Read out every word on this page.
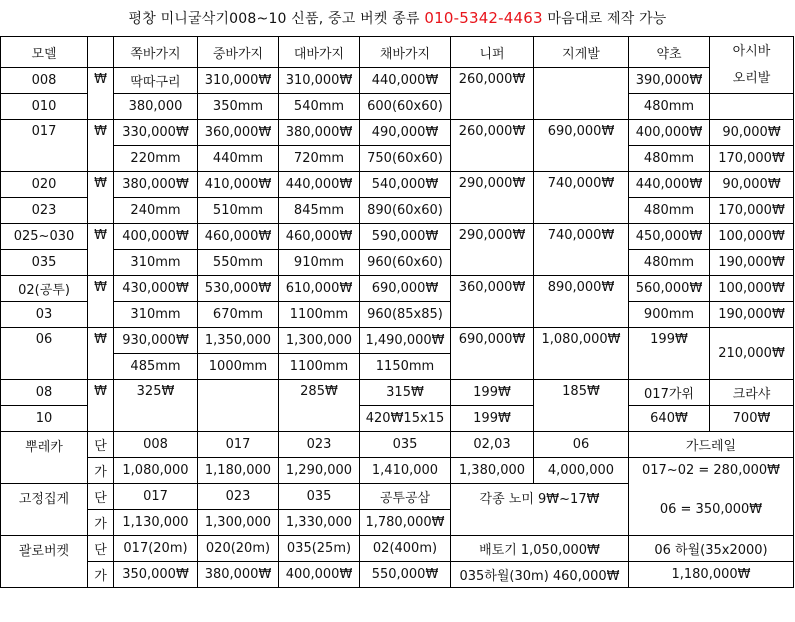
평창 미니굴삭기008~10 신품, 중고 버켓 종류 010-5342-4463 마음대로 제작 가능
모델		쪽바가지	중바가지	대바가지	채바가지	니퍼	지게발	약초	아시바
오리발
008	₩	딱따구리	310,000₩	310,000₩	440,000₩	260,000₩		390,000₩	
010		380,000	350mm	540mm	600(60x60)			480mm	
017	₩	330,000₩	360,000₩	380,000₩	490,000₩	260,000₩	690,000₩	400,000₩	90,000₩
		220mm	440mm	720mm	750(60x60)			480mm	170,000₩
020	₩	380,000₩	410,000₩	440,000₩	540,000₩	290,000₩	740,000₩	440,000₩	90,000₩
023		240mm	510mm	845mm	890(60x60)			480mm	170,000₩
025~030	₩	400,000₩	460,000₩	460,000₩	590,000₩	290,000₩	740,000₩	450,000₩	100,000₩
035		310mm	550mm	910mm	960(60x60)			480mm	190,000₩
02(공투)	₩	430,000₩	530,000₩	610,000₩	690,000₩	360,000₩	890,000₩	560,000₩	100,000₩
03		310mm	670mm	1100mm	960(85x85)			900mm	190,000₩
06	₩	930,000₩	1,350,000	1,300,000	1,490,000₩	690,000₩	1,080,000₩	199₩	210,000₩
		485mm	1000mm	1100mm	1150mm				
08	₩	325₩		285₩	315₩	199₩	185₩	017가위	크라샤
10					420₩15x15	199₩		640₩	700₩
뿌레카	단	008	017	023	035	02,03	06	가드레일	
	가	1,080,000	1,180,000	1,290,000	1,410,000	1,380,000	4,000,000	017~02 = 280,000₩	
고정집게	단	017	023	035	공투공삼	각종 노미 9₩~17₩		06 = 350,000₩	
	가	1,130,000	1,300,000	1,330,000	1,780,000₩				
괄로버켓	단	017(20m)	020(20m)	035(25m)	02(400m)	배토기 1,050,000₩		06 하월(35x2000)	
	가	350,000₩	380,000₩	400,000₩	550,000₩	035하월(30m) 460,000₩		1,180,000₩	
